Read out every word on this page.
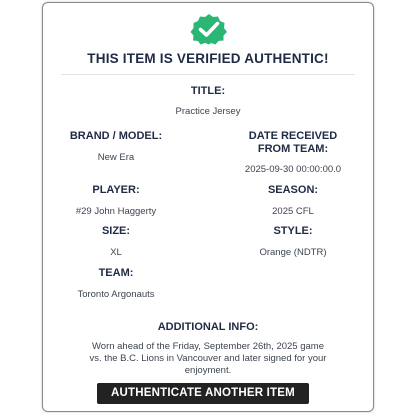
THIS ITEM IS VERIFIED AUTHENTIC!
TITLE:
Practice Jersey
BRAND / MODEL:
New Era
DATE RECEIVED
FROM TEAM:
2025-09-30 00:00:00.0
PLAYER:
#29 John Haggerty
SEASON:
2025 CFL
SIZE:
XL
STYLE:
Orange (NDTR)
TEAM:
Toronto Argonauts
ADDITIONAL INFO:
Worn ahead of the Friday, September 26th, 2025 game
vs. the B.C. Lions in Vancouver and later signed for your
enjoyment.
AUTHENTICATE ANOTHER ITEM
